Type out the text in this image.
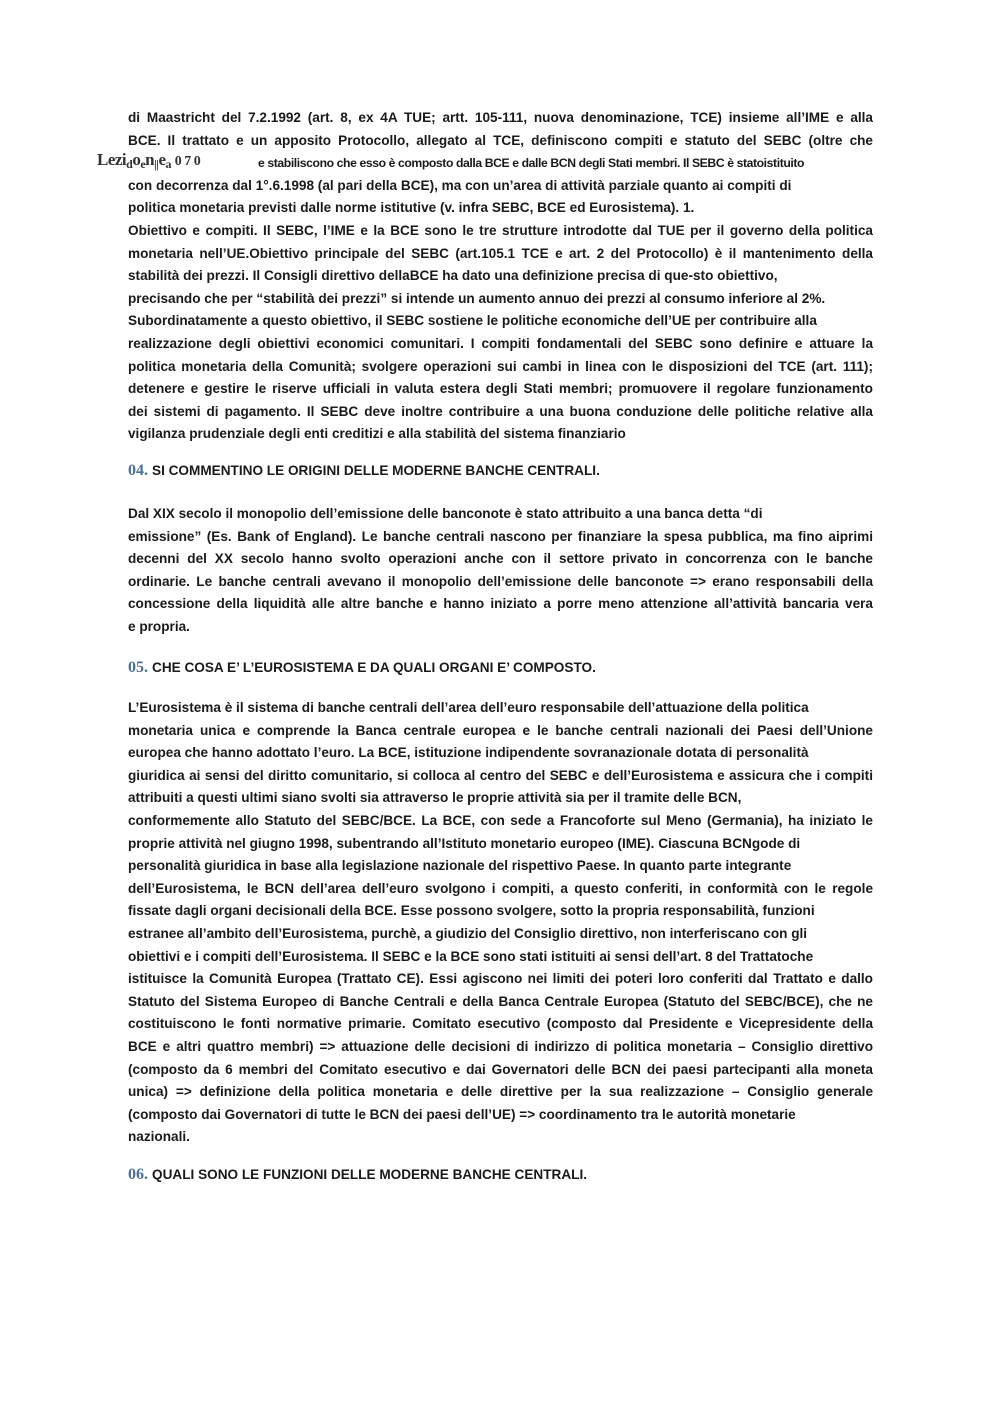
di Maastricht del 7.2.1992 (art. 8, ex 4A TUE; artt. 105-111, nuova denominazione, TCE) insieme all’IME e alla
BCE. Il trattato e un apposito Protocollo, allegato al TCE, definiscono compiti e statuto del SEBC (oltre che
e stabiliscono che esso è composto dalla BCE e dalle BCN degli Stati membri. Il SEBC è statoistituito
con decorrenza dal 1°.6.1998 (al pari della BCE), ma con un’area di attività parziale quanto ai compiti di
politica monetaria previsti dalle norme istitutive (v. infra SEBC, BCE ed Eurosistema). 1.
Obiettivo e compiti. Il SEBC, l’IME e la BCE sono le tre strutture introdotte dal TUE per il governo della politica
monetaria nell’UE.Obiettivo principale del SEBC (art.105.1 TCE e art. 2 del Protocollo) è il mantenimento della
stabilità dei prezzi. Il Consigli direttivo dellaBCE ha dato una definizione precisa di que-sto obiettivo,
precisando che per “stabilità dei prezzi” si intende un aumento annuo dei prezzi al consumo inferiore al 2%.
Subordinatamente a questo obiettivo, il SEBC sostiene le politiche economiche dell’UE per contribuire alla
realizzazione degli obiettivi economici comunitari. I compiti fondamentali del SEBC sono definire e attuare la
politica monetaria della Comunità; svolgere operazioni sui cambi in linea con le disposizioni del TCE (art. 111);
detenere e gestire le riserve ufficiali in valuta estera degli Stati membri; promuovere il regolare funzionamento
dei sistemi di pagamento. Il SEBC deve inoltre contribuire a una buona conduzione delle politiche relative alla
vigilanza prudenziale degli enti creditizi e alla stabilità del sistema finanziario
Lezidoen||ea 0 7 0
04. SI COMMENTINO LE ORIGINI DELLE MODERNE BANCHE CENTRALI.
Dal XIX secolo il monopolio dell’emissione delle banconote è stato attribuito a una banca detta “di
emissione” (Es. Bank of England). Le banche centrali nascono per finanziare la spesa pubblica, ma fino aiprimi
decenni del XX secolo hanno svolto operazioni anche con il settore privato in concorrenza con le banche
ordinarie. Le banche centrali avevano il monopolio dell’emissione delle banconote => erano responsabili della
concessione della liquidità alle altre banche e hanno iniziato a porre meno attenzione all’attività bancaria vera
e propria.
05. CHE COSA E’ L’EUROSISTEMA E DA QUALI ORGANI E’ COMPOSTO.
L’Eurosistema è il sistema di banche centrali dell’area dell’euro responsabile dell’attuazione della politica
monetaria unica e comprende la Banca centrale europea e le banche centrali nazionali dei Paesi dell’Unione
europea che hanno adottato l’euro. La BCE, istituzione indipendente sovranazionale dotata di personalità
giuridica ai sensi del diritto comunitario, si colloca al centro del SEBC e dell’Eurosistema e assicura che i compiti
attribuiti a questi ultimi siano svolti sia attraverso le proprie attività sia per il tramite delle BCN,
conformemente allo Statuto del SEBC/BCE. La BCE, con sede a Francoforte sul Meno (Germania), ha iniziato le
proprie attività nel giugno 1998, subentrando all’Istituto monetario europeo (IME). Ciascuna BCNgode di
personalità giuridica in base alla legislazione nazionale del rispettivo Paese. In quanto parte integrante
dell’Eurosistema, le BCN dell’area dell’euro svolgono i compiti, a questo conferiti, in conformità con le regole
fissate dagli organi decisionali della BCE. Esse possono svolgere, sotto la propria responsabilità, funzioni
estranee all’ambito dell’Eurosistema, purchè, a giudizio del Consiglio direttivo, non interferiscano con gli
obiettivi e i compiti dell’Eurosistema. Il SEBC e la BCE sono stati istituiti ai sensi dell’art. 8 del Trattatoche
istituisce la Comunità Europea (Trattato CE). Essi agiscono nei limiti dei poteri loro conferiti dal Trattato e dallo
Statuto del Sistema Europeo di Banche Centrali e della Banca Centrale Europea (Statuto del SEBC/BCE), che ne
costituiscono le fonti normative primarie. Comitato esecutivo (composto dal Presidente e Vicepresidente della
BCE e altri quattro membri) => attuazione delle decisioni di indirizzo di politica monetaria – Consiglio direttivo
(composto da 6 membri del Comitato esecutivo e dai Governatori delle BCN dei paesi partecipanti alla moneta
unica) => definizione della politica monetaria e delle direttive per la sua realizzazione – Consiglio generale
(composto dai Governatori di tutte le BCN dei paesi dell’UE) => coordinamento tra le autorità monetarie
nazionali.
06. QUALI SONO LE FUNZIONI DELLE MODERNE BANCHE CENTRALI.
